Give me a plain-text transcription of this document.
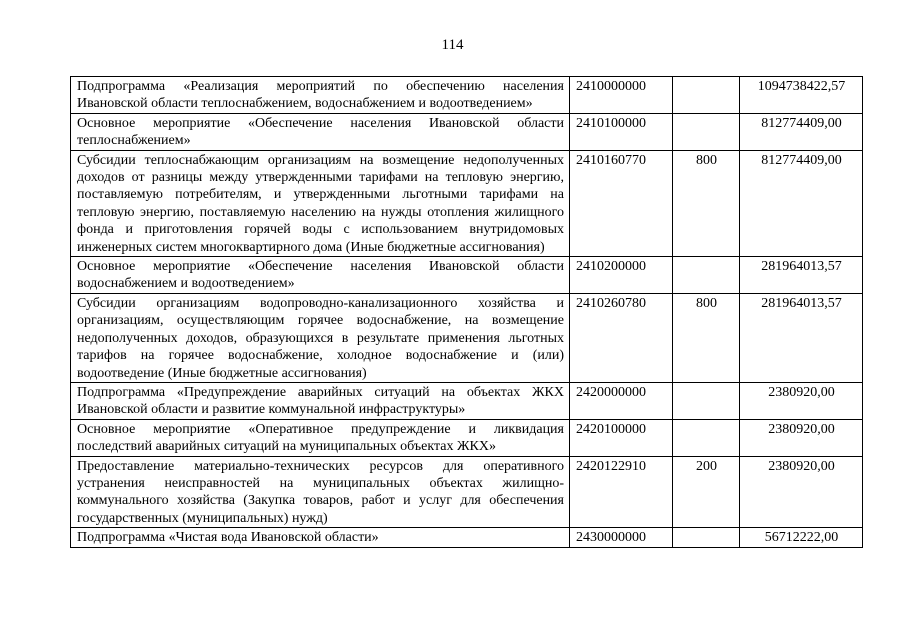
114
Подпрограмма «Реализация мероприятий по обеспечению населения Ивановской области теплоснабжением, водоснабжением и водоотведением»	2410000000		1094738422,57
Основное мероприятие «Обеспечение населения Ивановской области теплоснабжением»	2410100000		812774409,00
Субсидии теплоснабжающим организациям на возмещение недополученных доходов от разницы между утвержденными тарифами на тепловую энергию, поставляемую потребителям, и утвержденными льготными тарифами на тепловую энергию, поставляемую населению на нужды отопления жилищного фонда и приготовления горячей воды с использованием внутридомовых инженерных систем многоквартирного дома (Иные бюджетные ассигнования)	2410160770	800	812774409,00
Основное мероприятие «Обеспечение населения Ивановской области водоснабжением и водоотведением»	2410200000		281964013,57
Субсидии организациям водопроводно-канализационного хозяйства и организациям, осуществляющим горячее водоснабжение, на возмещение недополученных доходов, образующихся в результате применения льготных тарифов на горячее водоснабжение, холодное водоснабжение и (или) водоотведение (Иные бюджетные ассигнования)	2410260780	800	281964013,57
Подпрограмма «Предупреждение аварийных ситуаций на объектах ЖКХ Ивановской области и развитие коммунальной инфраструктуры»	2420000000		2380920,00
Основное мероприятие «Оперативное предупреждение и ликвидация последствий аварийных ситуаций на муниципальных объектах ЖКХ»	2420100000		2380920,00
Предоставление материально-технических ресурсов для оперативного устранения неисправностей на муниципальных объектах жилищно-коммунального хозяйства (Закупка товаров, работ и услуг для обеспечения государственных (муниципальных) нужд)	2420122910	200	2380920,00
Подпрограмма «Чистая вода Ивановской области»	2430000000		56712222,00
